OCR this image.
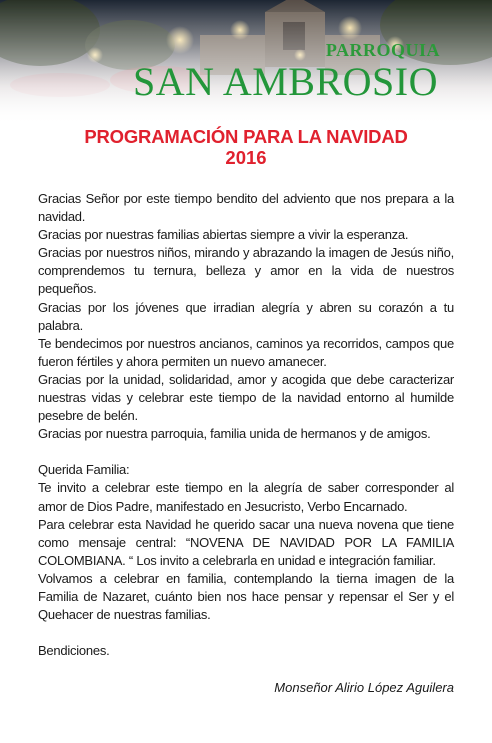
PARROQUIA
SAN AMBROSIO
PROGRAMACIÓN PARA LA NAVIDAD
2016

Gracias Señor por este tiempo bendito del adviento que nos prepara a la navidad.

Gracias por nuestras familias abiertas siempre a vivir la esperanza.

Gracias por nuestros niños, mirando y abrazando la imagen de Jesús niño, comprendemos tu ternura, belleza y amor en la vida de nuestros pequeños.

Gracias por los jóvenes que irradian alegría y abren su corazón a tu palabra.

Te bendecimos por nuestros ancianos, caminos ya recorridos, campos que fueron fértiles y ahora permiten un nuevo amanecer.

Gracias por la unidad, solidaridad, amor y acogida que debe caracterizar nuestras vidas y celebrar este tiempo de la navidad entorno al humilde pesebre de belén.

Gracias por nuestra parroquia, familia unida de hermanos y de amigos.

Querida Familia:

Te invito a celebrar este tiempo en la alegría de saber corresponder al amor de Dios Padre, manifestado en Jesucristo, Verbo Encarnado.

Para celebrar esta Navidad he querido sacar una nueva novena que tiene como mensaje central: “NOVENA DE NAVIDAD POR LA FAMILIA COLOMBIANA. “ Los invito a celebrarla en unidad e integración familiar.

Volvamos a celebrar en familia, contemplando la tierna imagen de la Familia de Nazaret, cuánto bien nos hace pensar y repensar el Ser y el Quehacer de nuestras familias.

Bendiciones.

Monseñor Alirio López Aguilera
